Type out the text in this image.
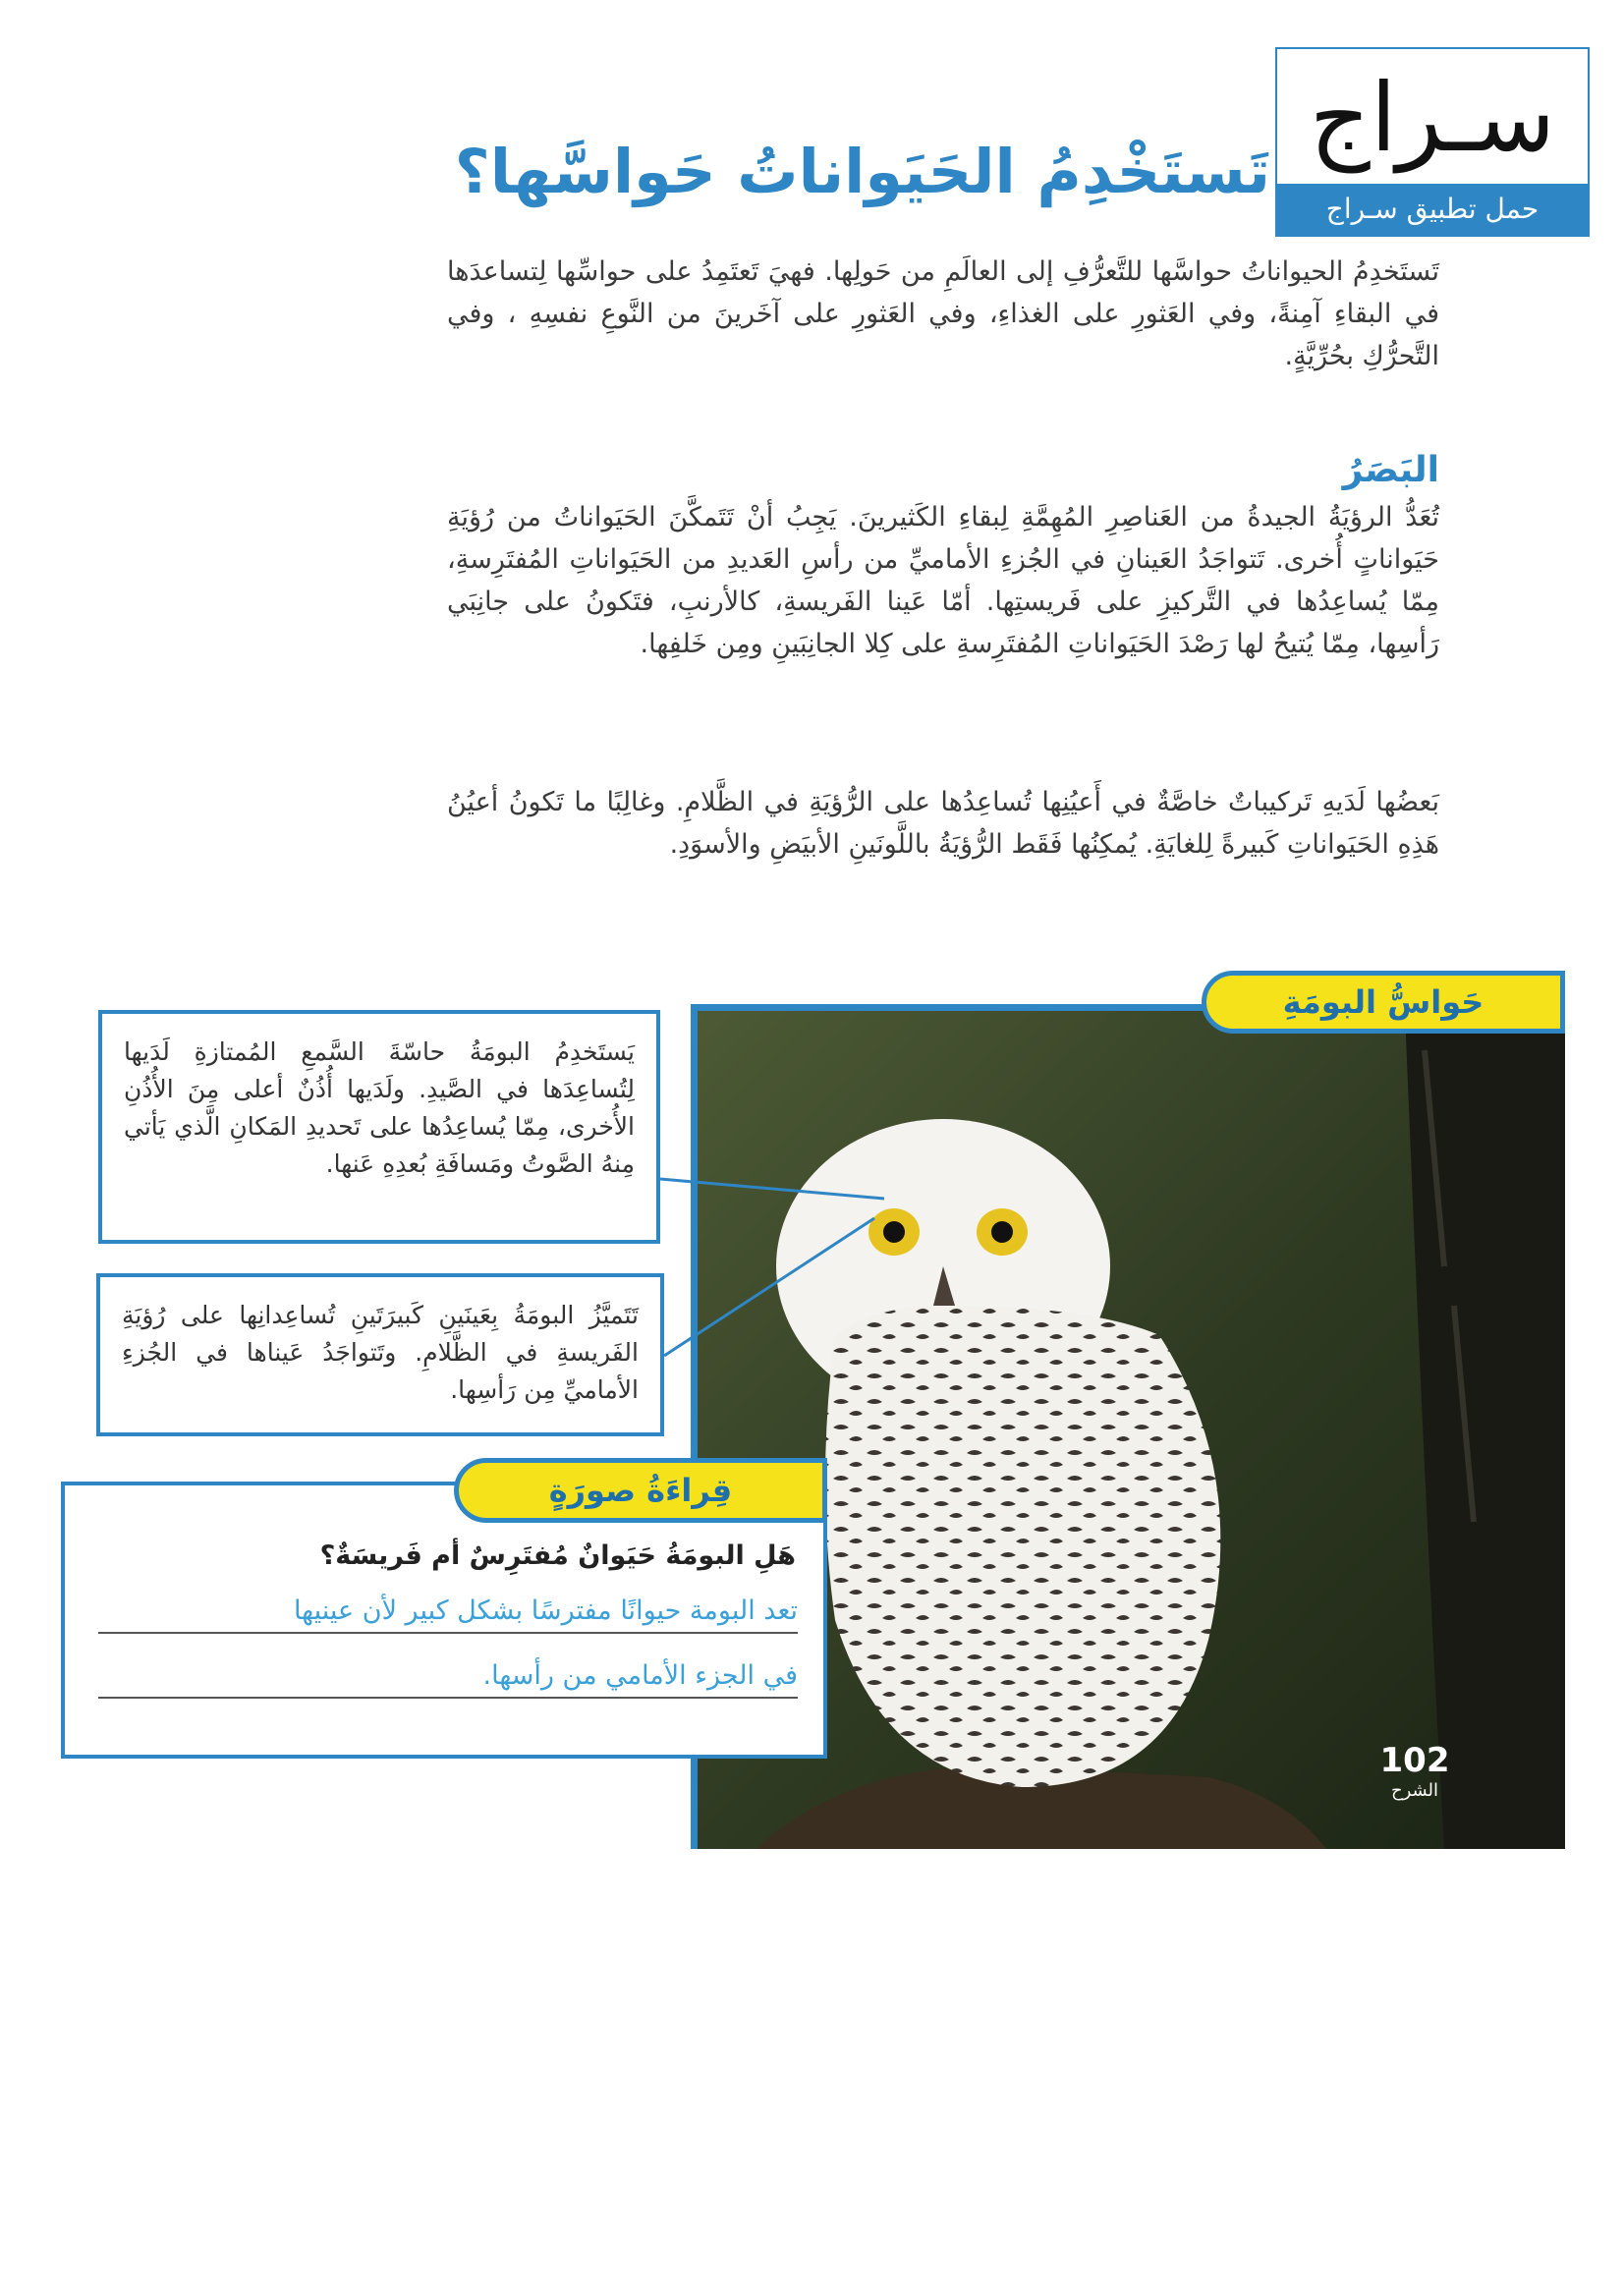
سـراج
حمل تطبيق سـراج
تَستَخْدِمُ الحَيَواناتُ حَواسَّها؟
تَستَخدِمُ الحيواناتُ حواسَّها للتَّعرُّفِ إلى العالَمِ من حَولِها. فهيَ تَعتَمِدُ على حواسِّها لِتساعدَها في البقاءِ آمِنةً، وفي العَثورِ على الغذاءِ، وفي العَثورِ على آخَرينَ من النَّوعِ نفسِهِ ، وفي التَّحرُّكِ بحُرِّيَّةٍ.
البَصَرُ
تُعَدُّ الرؤيَةُ الجيدةُ من العَناصِرِ المُهِمَّةِ لِبقاءِ الكَثيرينَ. يَجِبُ أنْ تَتَمكَّنَ الحَيَواناتُ من رُؤيَةِ حَيَواناتٍ أُخرى. تَتواجَدُ العَينانِ في الجُزءِ الأماميِّ من رأسِ العَديدِ من الحَيَواناتِ المُفتَرِسةِ، مِمّا يُساعِدُها في التَّركيزِ على فَريستِها. أمّا عَينا الفَريسةِ، كالأرنبِ، فتَكونُ على جانِبَي رَأسِها، مِمّا يُتيحُ لها رَصْدَ الحَيَواناتِ المُفتَرِسةِ على كِلا الجانِبَينِ ومِن خَلفِها.
بَعضُها لَدَيهِ تَركيباتٌ خاصَّةٌ في أَعيُنِها تُساعِدُها على الرُّؤيَةِ في الظَّلامِ. وغالِبًا ما تَكونُ أعيُنُ هَذِهِ الحَيَواناتِ كَبيرةً لِلغايَةِ. يُمكِنُها فَقَط الرُّؤيَةُ باللَّونَينِ الأبيَضِ والأسوَدِ.
حَواسُّ البومَةِ
يَستَخدِمُ البومَةُ حاسّةَ السَّمعِ المُمتازةِ لَدَيها لِتُساعِدَها في الصَّيدِ. ولَدَيها أُذُنٌ أعلى مِنَ الأُذُنِ الأُخرى، مِمّا يُساعِدُها على تَحديدِ المَكانِ الَّذي يَأتي مِنهُ الصَّوتُ ومَسافَةِ بُعدِهِ عَنها.
تَتَميَّزُ البومَةُ بِعَينَينِ كَبيرَتَينِ تُساعِدانِها على رُؤيَةِ الفَريسةِ في الظَّلامِ. وتَتواجَدُ عَيناها في الجُزءِ الأماميِّ مِن رَأسِها.
قِراءَةُ صورَةٍ
هَلِ البومَةُ حَيَوانٌ مُفتَرِسٌ أم فَريسَةٌ؟
تعد البومة حيوانًا مفترسًا بشكل كبير لأن عينيها
في الجزء الأمامي من رأسها.
102
الشرح
